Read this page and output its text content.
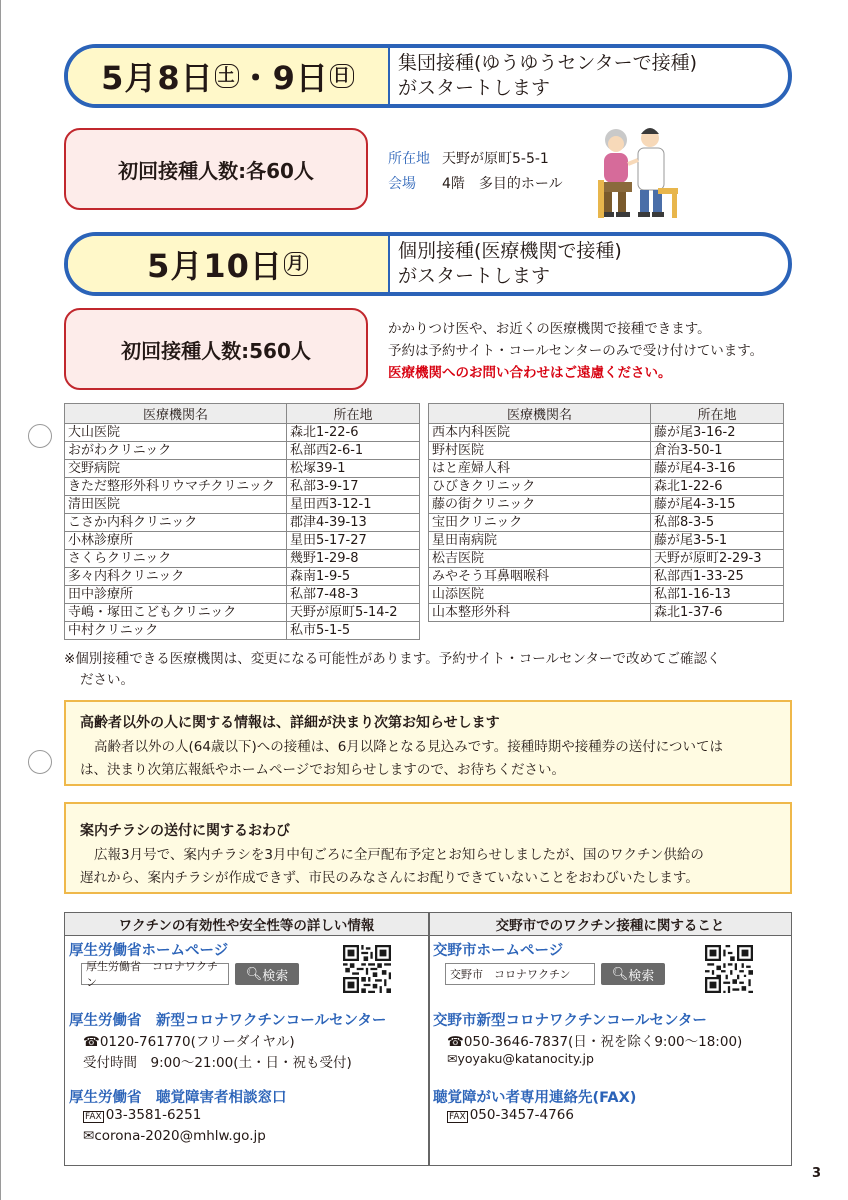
5月8日 土 ・9日 日
集団接種(ゆうゆうセンターで接種)
がスタートします
初回接種人数:各60人	所在地 天野が原町5-5-1
会場 4階　多目的ホール
5月10日 月
個別接種(医療機関で接種)
がスタートします
初回接種人数:560人
かかりつけ医や、お近くの医療機関で接種できます。
予約は予約サイト・コールセンターのみで受け付けています。
医療機関へのお問い合わせはご遠慮ください。
医療機関名	所在地
大山医院	森北1-22-6
おがわクリニック	私部西2-6-1
交野病院	松塚39-1
きただ整形外科リウマチクリニック	私部3-9-17
清田医院	星田西3-12-1
こさか内科クリニック	郡津4-39-13
小林診療所	星田5-17-27
さくらクリニック	幾野1-29-8
多々内科クリニック	森南1-9-5
田中診療所	私部7-48-3
寺嶋・塚田こどもクリニック	天野が原町5-14-2
中村クリニック	私市5-1-5
医療機関名	所在地
西本内科医院	藤が尾3-16-2
野村医院	倉治3-50-1
はと産婦人科	藤が尾4-3-16
ひびきクリニック	森北1-22-6
藤の街クリニック	藤が尾4-3-15
宝田クリニック	私部8-3-5
星田南病院	藤が尾3-5-1
松吉医院	天野が原町2-29-3
みやそう耳鼻咽喉科	私部西1-33-25
山添医院	私部1-16-13
山本整形外科	森北1-37-6
※個別接種できる医療機関は、変更になる可能性があります。予約サイト・コールセンターで改めてご確認く
ださい。
高齢者以外の人に関する情報は、詳細が決まり次第お知らせします
高齢者以外の人(64歳以下)への接種は、6月以降となる見込みです。接種時期や接種券の送付については
は、決まり次第広報紙やホームページでお知らせしますので、お待ちください。
案内チラシの送付に関するおわび
広報3月号で、案内チラシを3月中旬ごろに全戸配布予定とお知らせしましたが、国のワクチン供給の
遅れから、案内チラシが作成できず、市民のみなさんにお配りできていないことをおわびいたします。
ワクチンの有効性や安全性等の詳しい情報	交野市でのワクチン接種に関すること
厚生労働省ホームページ
厚生労働省　コロナワクチン
🔍︎ 検索
厚生労働省　新型コロナワクチンコールセンター
☎0120-761770(フリーダイヤル)
受付時間　9:00～21:00(土・日・祝も受付)
厚生労働省　聴覚障害者相談窓口
FAX 03-3581-6251
✉corona-2020@mhlw.go.jp
交野市ホームページ
交野市　コロナワクチン	🔍︎ 検索
交野市新型コロナワクチンコールセンター
☎050-3646-7837(日・祝を除く9:00～18:00)
✉yoyaku@katanocity.jp
聴覚障がい者専用連絡先(FAX)
FAX 050-3457-4766
3
